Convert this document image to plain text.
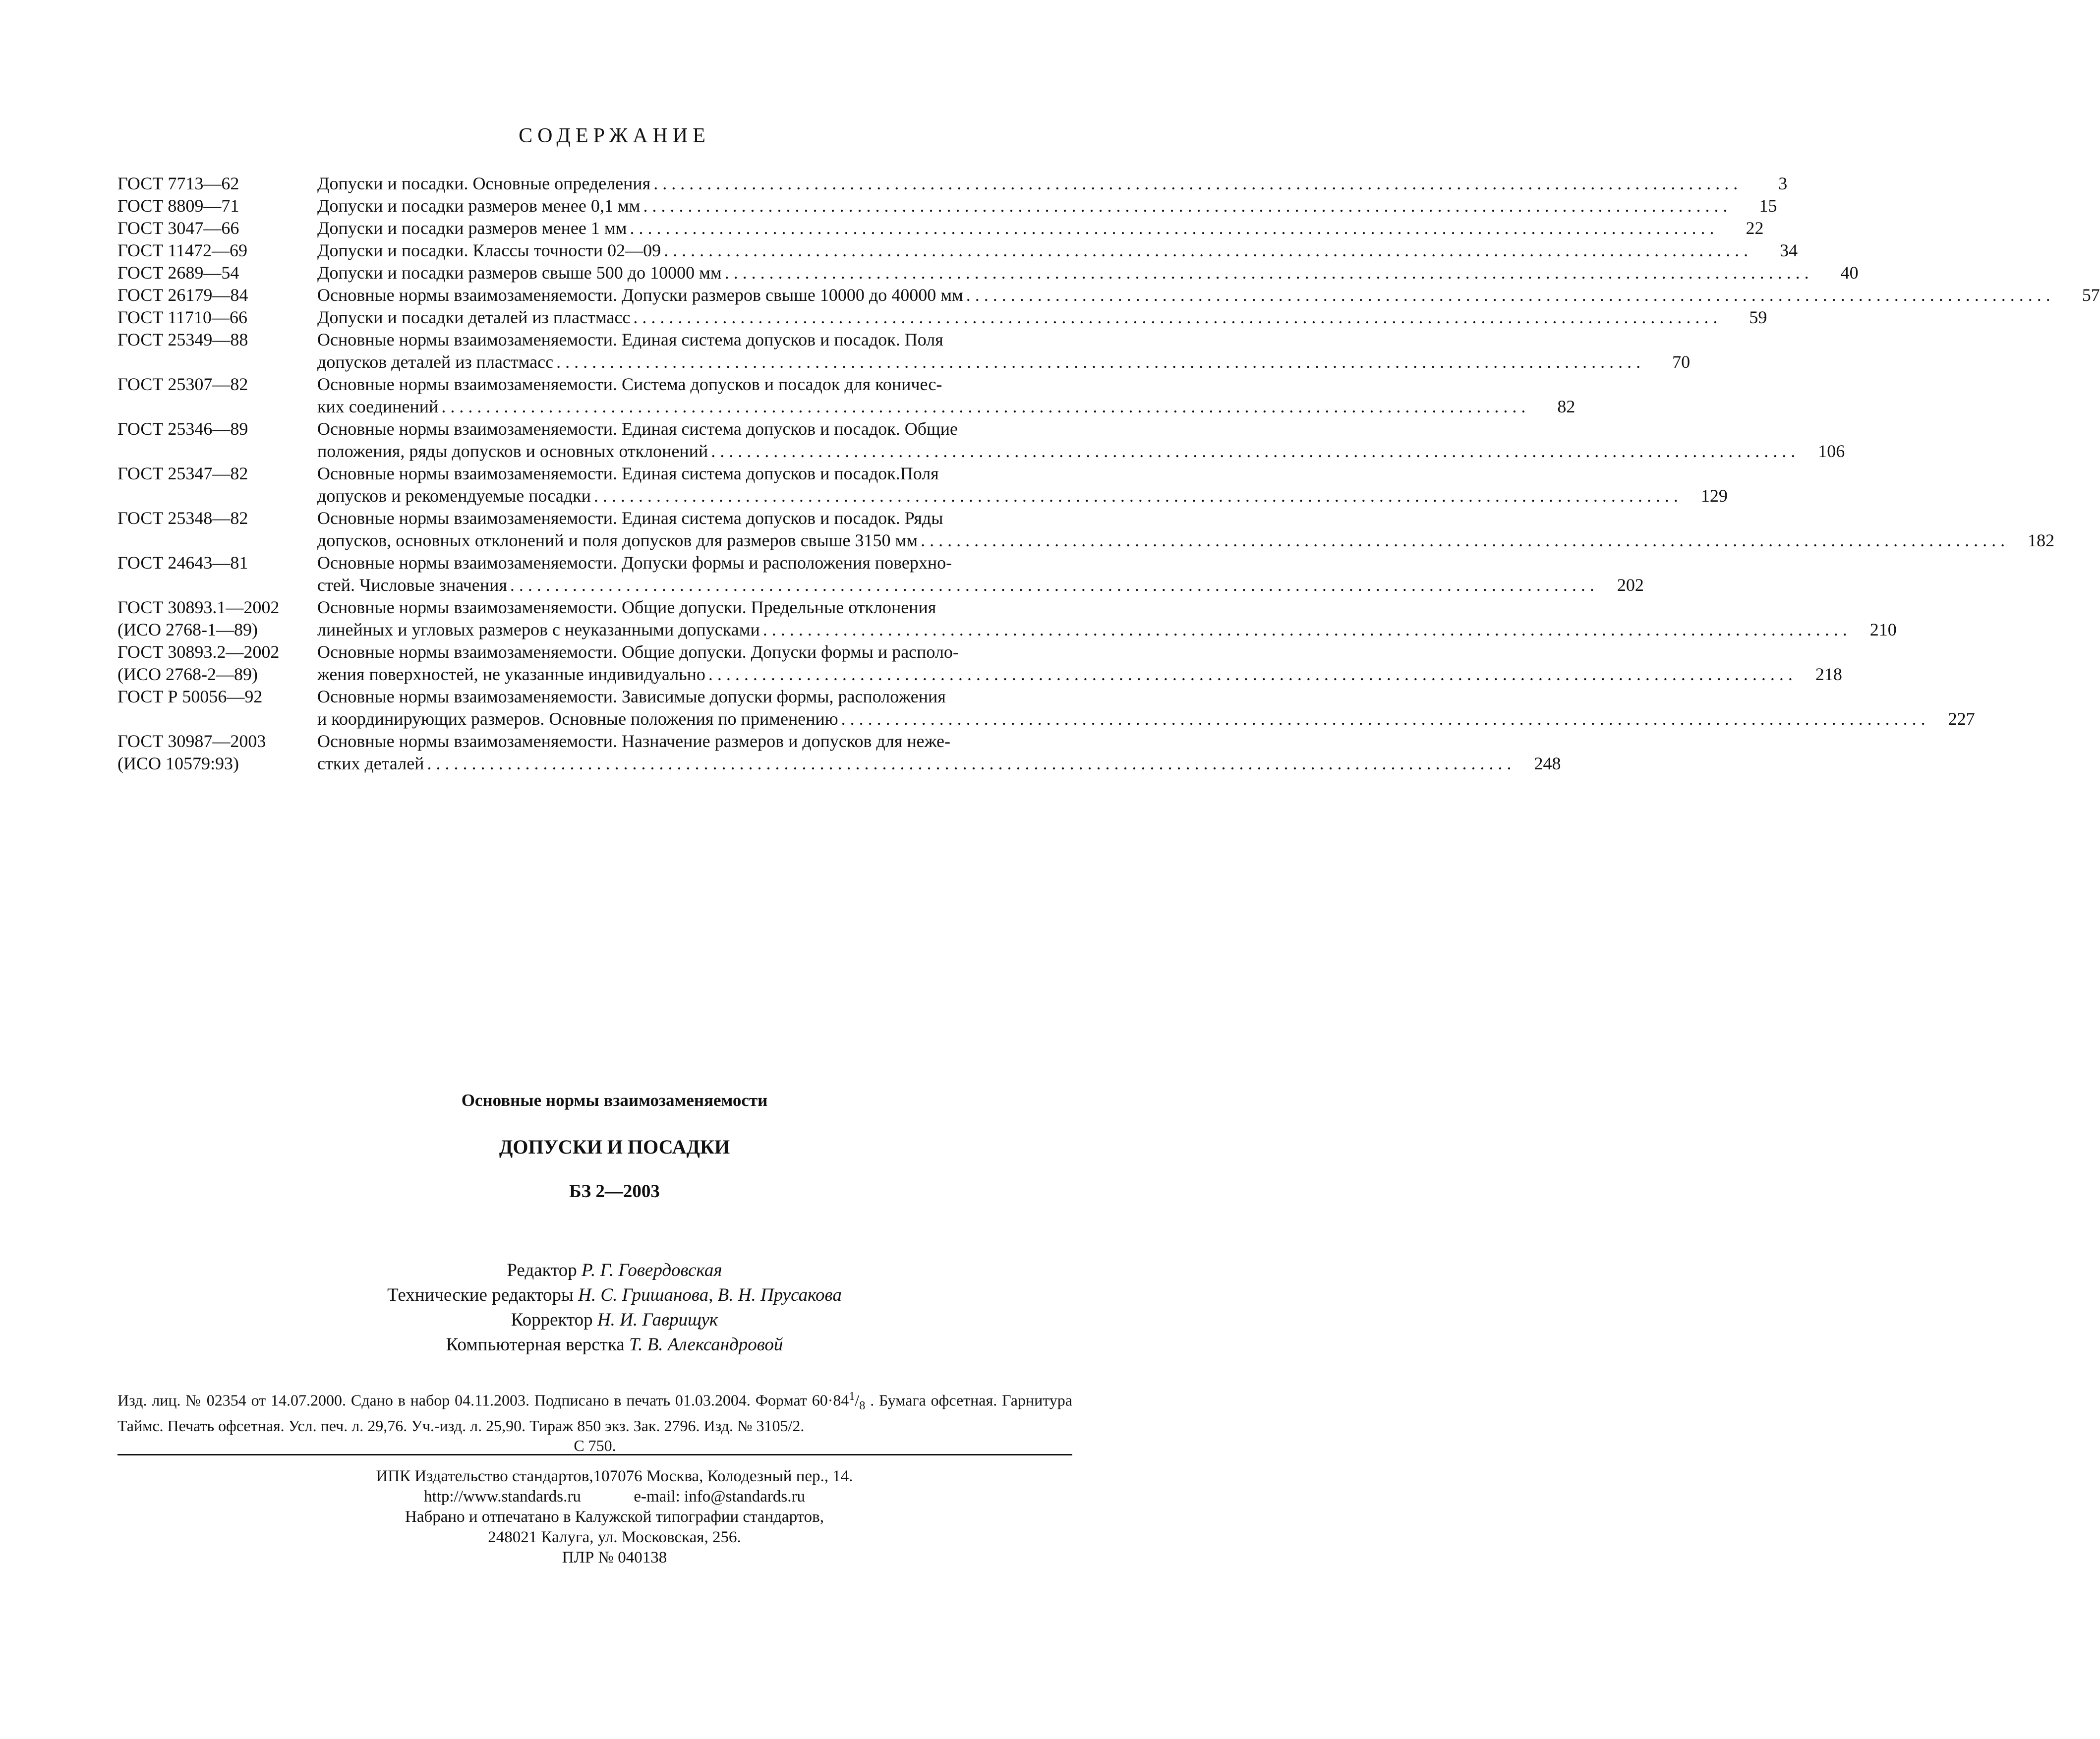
СОДЕРЖАНИЕ
ГОСТ 7713—62	Допуски и посадки. Основные определения . . .	3
ГОСТ 8809—71	Допуски и посадки размеров менее 0,1 мм . . .	15
ГОСТ 3047—66	Допуски и посадки размеров менее 1 мм . . .	22
ГОСТ 11472—69	Допуски и посадки. Классы точности 02—09 . . .	34
ГОСТ 2689—54	Допуски и посадки размеров свыше 500 до 10000 мм . . .	40
ГОСТ 26179—84	Основные нормы взаимозаменяемости. Допуски размеров свыше 10000 до 40000 мм . . .	57
ГОСТ 11710—66	Допуски и посадки деталей из пластмасс . . .	59
ГОСТ 25349—88	Основные нормы взаимозаменяемости. Единая система допусков и посадок. Поля
допусков деталей из пластмасс . . .	70
ГОСТ 25307—82	Основные нормы взаимозаменяемости. Система допусков и посадок для коничес-
ких соединений . . .	82
ГОСТ 25346—89	Основные нормы взаимозаменяемости. Единая система допусков и посадок. Общие
положения, ряды допусков и основных отклонений . . .	106
ГОСТ 25347—82	Основные нормы взаимозаменяемости. Единая система допусков и посадок.Поля
допусков и рекомендуемые посадки . . .	129
ГОСТ 25348—82	Основные нормы взаимозаменяемости. Единая система допусков и посадок. Ряды
допусков, основных отклонений и поля допусков для размеров свыше 3150 мм . . .	182
ГОСТ 24643—81	Основные нормы взаимозаменяемости. Допуски формы и расположения поверхно-
стей. Числовые значения . . .	202
ГОСТ 30893.1—2002
(ИСО 2768-1—89)
Основные нормы взаимозаменяемости. Общие допуски. Предельные отклонения
линейных и угловых размеров с неуказанными допусками . . .	210
ГОСТ 30893.2—2002
(ИСО 2768-2—89)
Основные нормы взаимозаменяемости. Общие допуски. Допуски формы и располо-
жения поверхностей, не указанные индивидуально . . .	218
ГОСТ Р 50056—92	Основные нормы взаимозаменяемости. Зависимые допуски формы, расположения
и координирующих размеров. Основные положения по применению . . .	227
ГОСТ 30987—2003
(ИСО 10579:93)
Основные нормы взаимозаменяемости. Назначение размеров и допусков для неже-
стких деталей . . .	248
Основные нормы взаимозаменяемости
ДОПУСКИ И ПОСАДКИ
БЗ 2—2003
Редактор Р. Г. Говердовская
Технические редакторы Н. С. Гришанова, В. Н. Прусакова
Корректор Н. И. Гаврищук
Компьютерная верстка Т. В. Александровой
Изд. лиц. № 02354 от 14.07.2000. Сдано в набор 04.11.2003. Подписано в печать 01.03.2004. Формат $60\cdot 84^1/_8$ . Бумага офсетная. Гарнитура Таймс. Печать офсетная. Усл. печ. л. 29,76. Уч.-изд. л. 25,90. Тираж 850 экз. Зак. 2796. Изд. № 3105/2.
С 750.
ИПК Издательство стандартов,107076 Москва, Колодезный пер., 14.
http://www.standards.ru	e-mail: info@standards.ru
Набрано и отпечатано в Калужской типографии стандартов,
248021 Калуга, ул. Московская, 256.
ПЛР № 040138
